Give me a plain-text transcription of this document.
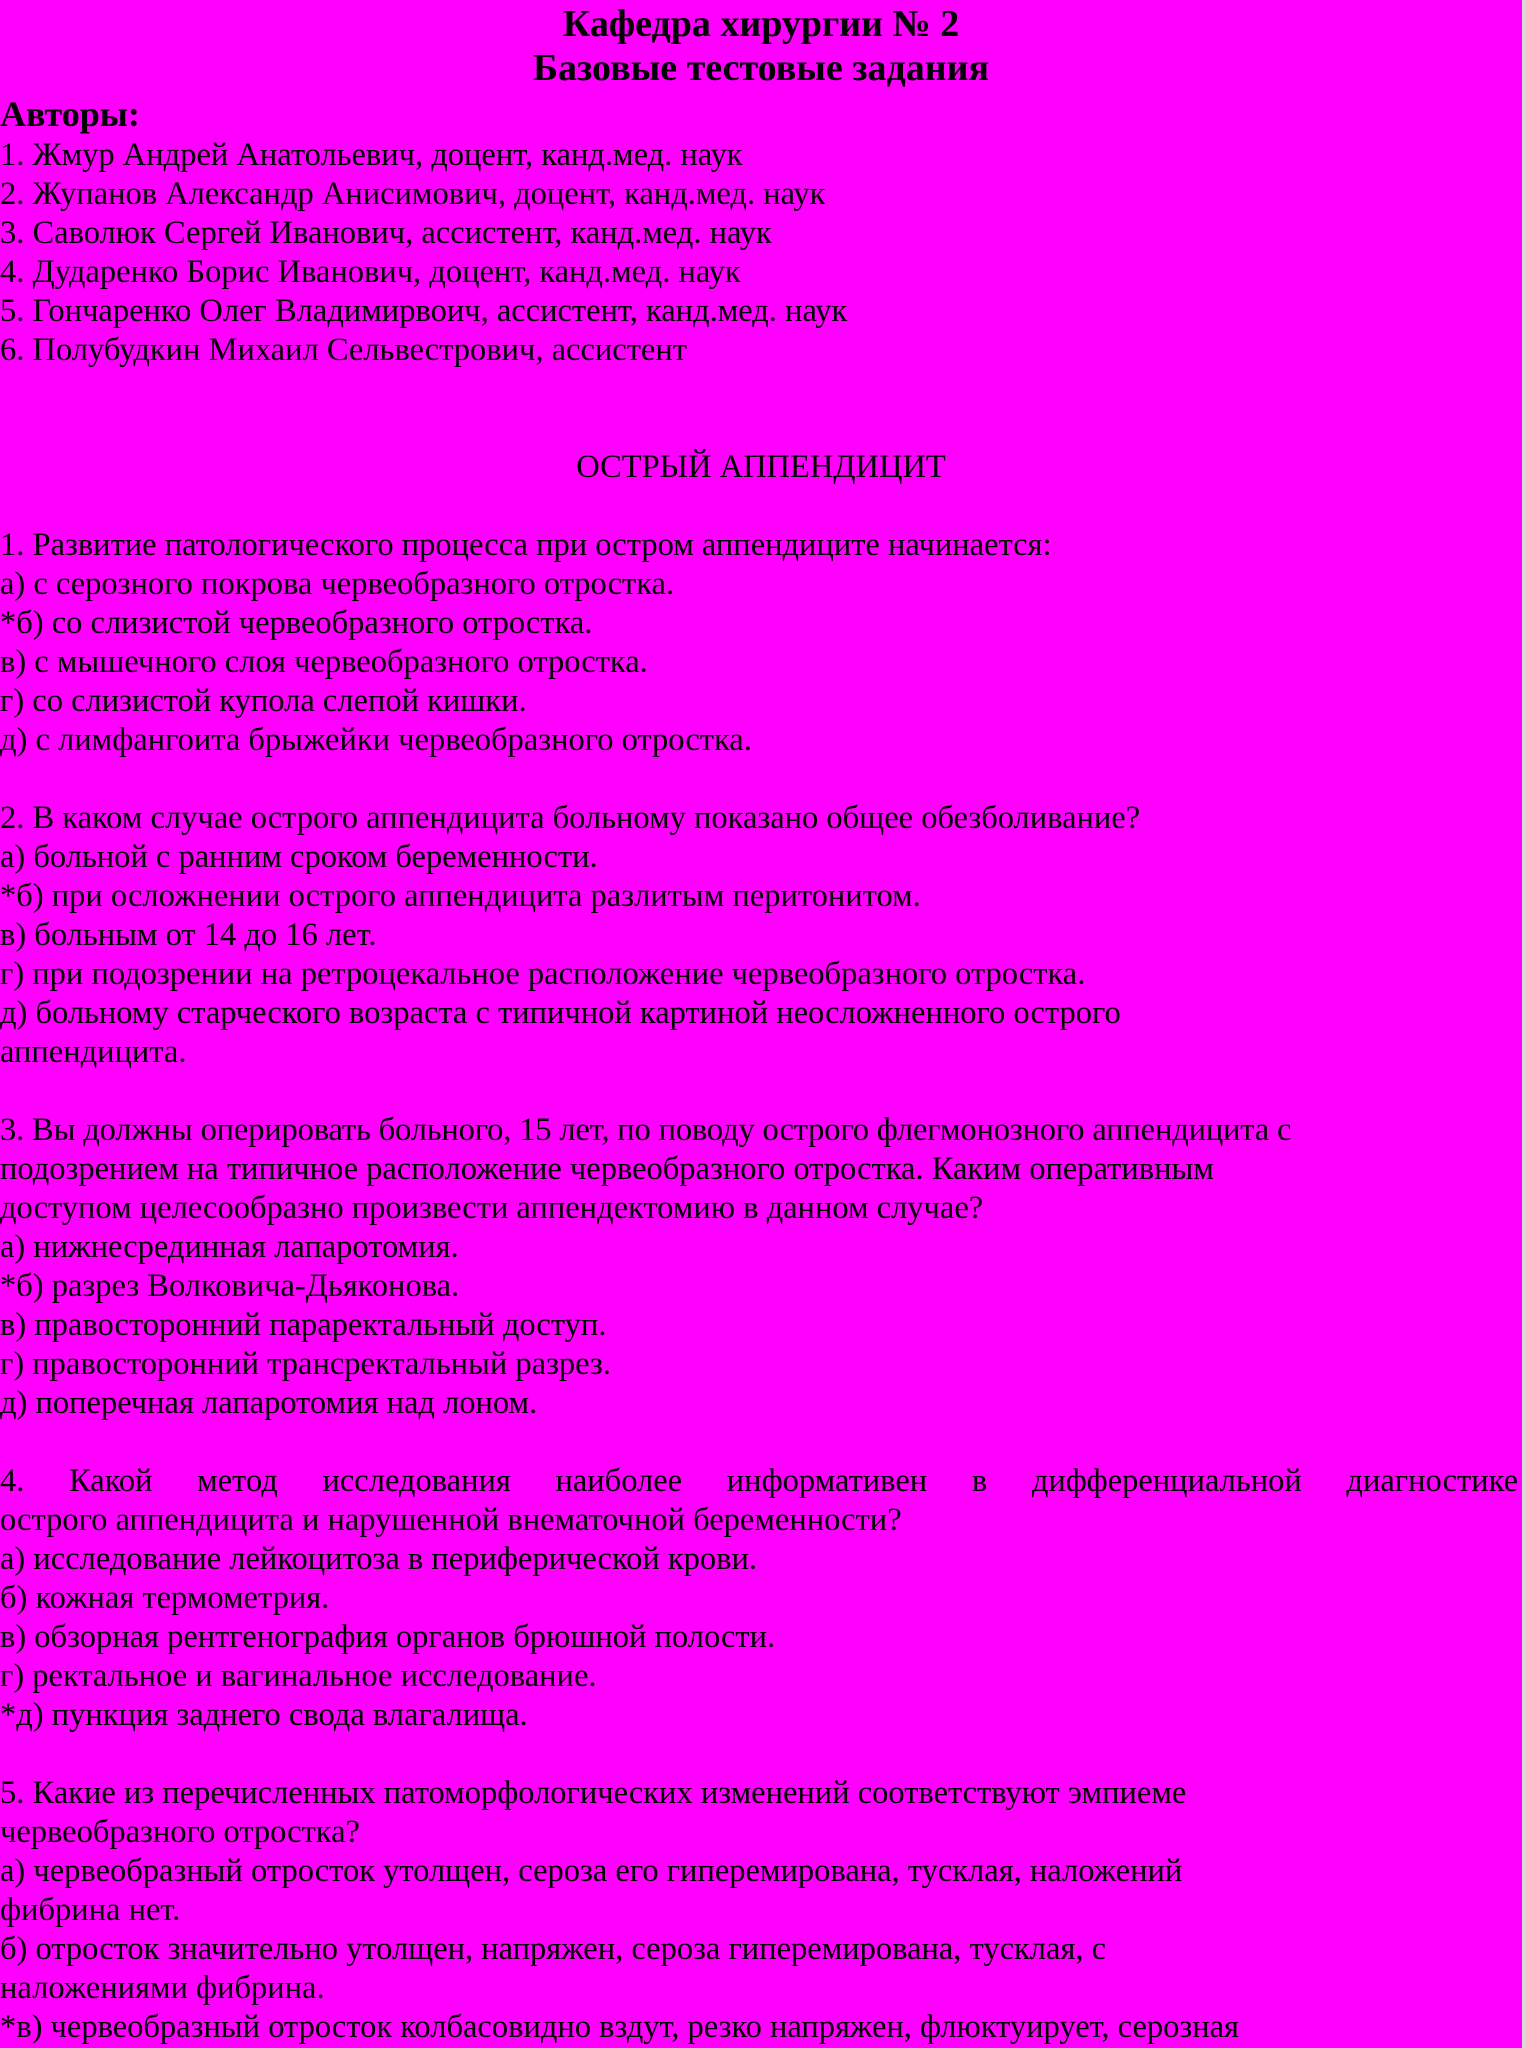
Кафедра хирургии № 2
Базовые тестовые задания
Авторы:
1. Жмур Андрей Анатольевич, доцент, канд.мед. наук
2. Жупанов Александр Анисимович, доцент, канд.мед. наук
3. Саволюк Сергей Иванович, ассистент, канд.мед. наук
4. Дударенко Борис Иванович, доцент, канд.мед. наук
5. Гончаренко Олег Владимирвоич, ассистент, канд.мед. наук
6. Полубудкин Михаил Сельвестрович, ассистент
ОСТРЫЙ АППЕНДИЦИТ
1. Развитие патологического процесса при остром аппендиците начинается:
а) с серозного покрова червеобразного отростка.
*б) со слизистой червеобразного отростка.
в) с мышечного слоя червеобразного отростка.
г) со слизистой купола слепой кишки.
д) с лимфангоита брыжейки червеобразного отростка.
2. В каком случае острого аппендицита больному показано общее обезболивание?
а) больной с ранним сроком беременности.
*б) при осложнении острого аппендицита разлитым перитонитом.
в) больным от 14 до 16 лет.
г) при подозрении на ретроцекальное расположение червеобразного отростка.
д) больному старческого возраста с типичной картиной неосложненного острого
аппендицита.
3. Вы должны оперировать больного, 15 лет, по поводу острого флегмонозного аппендицита с
подозрением на типичное расположение червеобразного отростка. Каким оперативным
доступом целесообразно произвести аппендектомию в данном случае?
а) нижнесрединная лапаротомия.
*б) разрез Волковича-Дьяконова.
в) правосторонний параректальный доступ.
г) правосторонний транcректальный разрез.
д) поперечная лапаротомия над лоном.
4. Какой метод исследования наиболее информативен в дифференциальной диагностике
острого аппендицита и нарушенной внематочной беременности?
а) исследование лейкоцитоза в периферической крови.
б) кожная термометрия.
в) обзорная рентгенография органов брюшной полости.
г) ректальное и вагинальное исследование.
*д) пункция заднего свода влагалища.
5. Какие из перечисленных патоморфологических изменений соответствуют эмпиеме
червеобразного отростка?
а) червеобразный отросток утолщен, сероза его гиперемирована, тусклая, наложений
фибрина нет.
б) отросток значительно утолщен, напряжен, сероза гиперемирована, тусклая, с
наложениями фибрина.
*в) червеобразный отросток колбасовидно вздут, резко напряжен, флюктуирует, серозная
